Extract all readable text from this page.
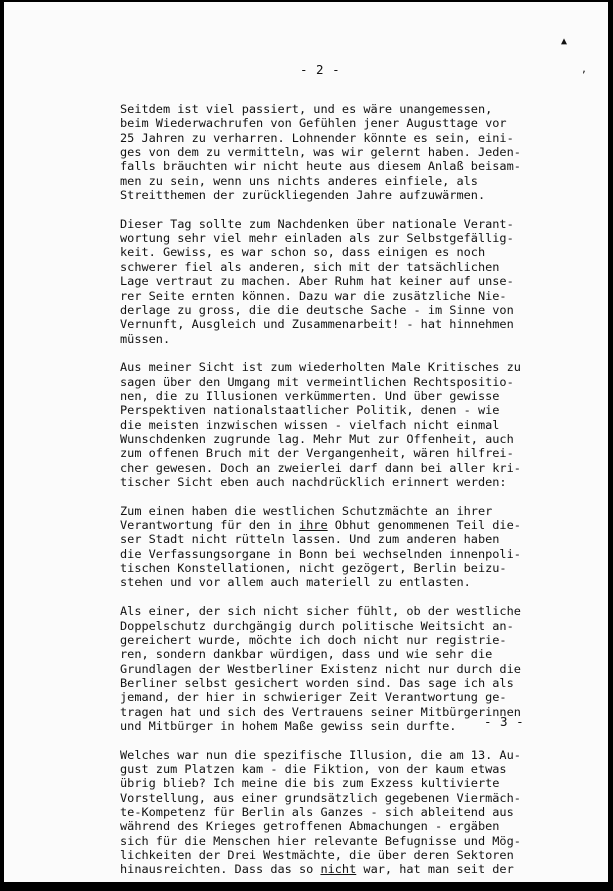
▲
,
- 2 -
Seitdem ist viel passiert, und es wäre unangemessen,
beim Wiederwachrufen von Gefühlen jener Augusttage vor
25 Jahren zu verharren. Lohnender könnte es sein, eini-
ges von dem zu vermitteln, was wir gelernt haben. Jeden-
falls bräuchten wir nicht heute aus diesem Anlaß beisam-
men zu sein, wenn uns nichts anderes einfiele, als
Streitthemen der zurückliegenden Jahre aufzuwärmen.
Dieser Tag sollte zum Nachdenken über nationale Verant-
wortung sehr viel mehr einladen als zur Selbstgefällig-
keit. Gewiss, es war schon so, dass einigen es noch
schwerer fiel als anderen, sich mit der tatsächlichen
Lage vertraut zu machen. Aber Ruhm hat keiner auf unse-
rer Seite ernten können. Dazu war die zusätzliche Nie-
derlage zu gross, die die deutsche Sache - im Sinne von
Vernunft, Ausgleich und Zusammenarbeit! - hat hinnehmen
müssen.
Aus meiner Sicht ist zum wiederholten Male Kritisches zu
sagen über den Umgang mit vermeintlichen Rechtspositio-
nen, die zu Illusionen verkümmerten. Und über gewisse
Perspektiven nationalstaatlicher Politik, denen - wie
die meisten inzwischen wissen - vielfach nicht einmal
Wunschdenken zugrunde lag. Mehr Mut zur Offenheit, auch
zum offenen Bruch mit der Vergangenheit, wären hilfrei-
cher gewesen. Doch an zweierlei darf dann bei aller kri-
tischer Sicht eben auch nachdrücklich erinnert werden:
Zum einen haben die westlichen Schutzmächte an ihrer
Verantwortung für den in ihre Obhut genommenen Teil die-
ser Stadt nicht rütteln lassen. Und zum anderen haben
die Verfassungsorgane in Bonn bei wechselnden innenpoli-
tischen Konstellationen, nicht gezögert, Berlin beizu-
stehen und vor allem auch materiell zu entlasten.
Als einer, der sich nicht sicher fühlt, ob der westliche
Doppelschutz durchgängig durch politische Weitsicht an-
gereichert wurde, möchte ich doch nicht nur registrie-
ren, sondern dankbar würdigen, dass und wie sehr die
Grundlagen der Westberliner Existenz nicht nur durch die
Berliner selbst gesichert worden sind. Das sage ich als
jemand, der hier in schwieriger Zeit Verantwortung ge-
tragen hat und sich des Vertrauens seiner Mitbürgerinnen
und Mitbürger in hohem Maße gewiss sein durfte.
Welches war nun die spezifische Illusion, die am 13. Au-
gust zum Platzen kam - die Fiktion, von der kaum etwas
übrig blieb? Ich meine die bis zum Exzess kultivierte
Vorstellung, aus einer grundsätzlich gegebenen Viermäch-
te-Kompetenz für Berlin als Ganzes - sich ableitend aus
während des Krieges getroffenen Abmachungen - ergäben
sich für die Menschen hier relevante Befugnisse und Mög-
lichkeiten der Drei Westmächte, die über deren Sektoren
hinausreichten. Dass das so nicht war, hat man seit der
- 3 -
